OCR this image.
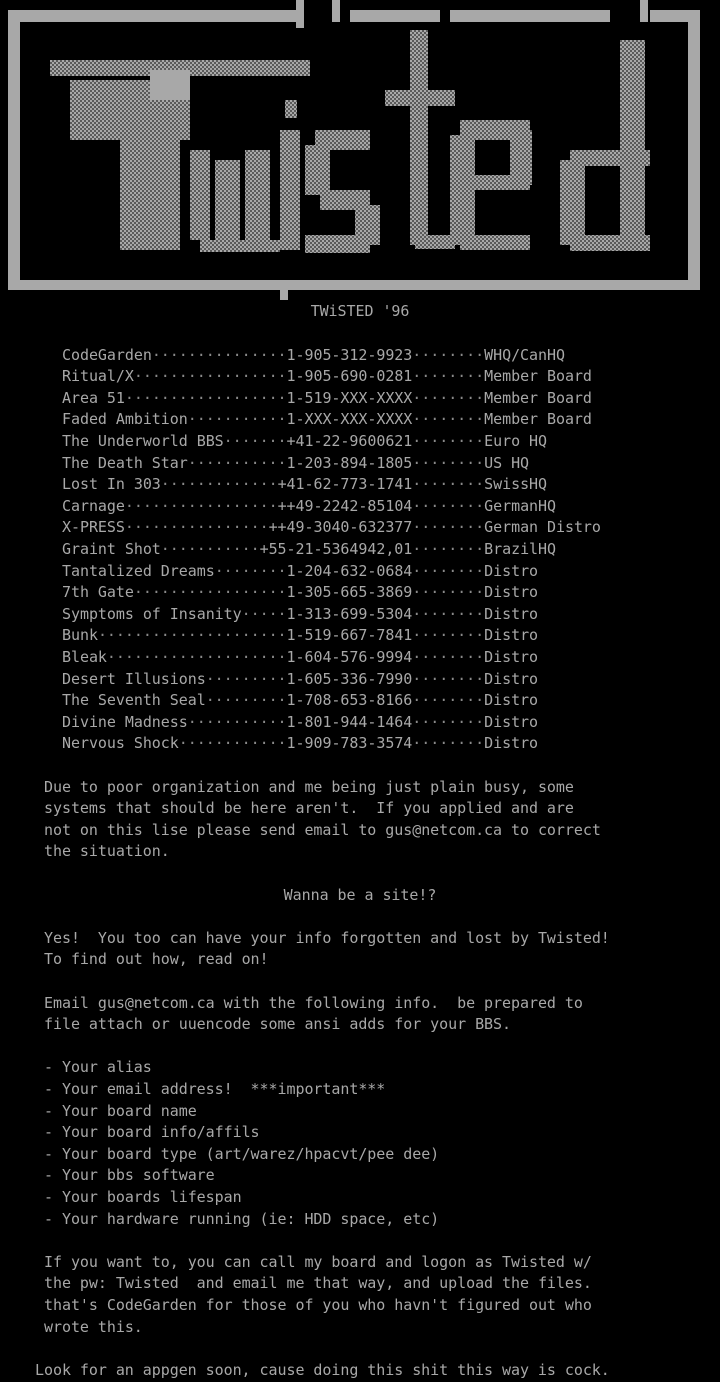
TWiSTED '96
CodeGarden···············1-905-312-9923········WHQ/CanHQ
Ritual/X·················1-905-690-0281········Member Board
Area 51··················1-519-XXX-XXXX········Member Board
Faded Ambition···········1-XXX-XXX-XXXX········Member Board
The Underworld BBS·······+41-22-9600621········Euro HQ
The Death Star···········1-203-894-1805········US HQ
Lost In 303·············+41-62-773-1741········SwissHQ
Carnage·················++49-2242-85104········GermanHQ
X-PRESS················++49-3040-632377········German Distro
Graint Shot···········+55-21-5364942,01········BrazilHQ
Tantalized Dreams········1-204-632-0684········Distro
7th Gate·················1-305-665-3869········Distro
Symptoms of Insanity·····1-313-699-5304········Distro
Bunk·····················1-519-667-7841········Distro
Bleak····················1-604-576-9994········Distro
Desert Illusions·········1-605-336-7990········Distro
The Seventh Seal·········1-708-653-8166········Distro
Divine Madness···········1-801-944-1464········Distro
Nervous Shock············1-909-783-3574········Distro
Due to poor organization and me being just plain busy, some
systems that should be here aren't.  If you applied and are
not on this lise please send email to gus@netcom.ca to correct
the situation.
Wanna be a site!?
Yes!  You too can have your info forgotten and lost by Twisted!
To find out how, read on!
Email gus@netcom.ca with the following info.  be prepared to
file attach or uuencode some ansi adds for your BBS.
- Your alias
- Your email address!  ***important***
- Your board name
- Your board info/affils
- Your board type (art/warez/hpacvt/pee dee)
- Your bbs software
- Your boards lifespan
- Your hardware running (ie: HDD space, etc)
If you want to, you can call my board and logon as Twisted w/
the pw: Twisted  and email me that way, and upload the files.
that's CodeGarden for those of you who havn't figured out who
wrote this.
Look for an appgen soon, cause doing this shit this way is cock.
